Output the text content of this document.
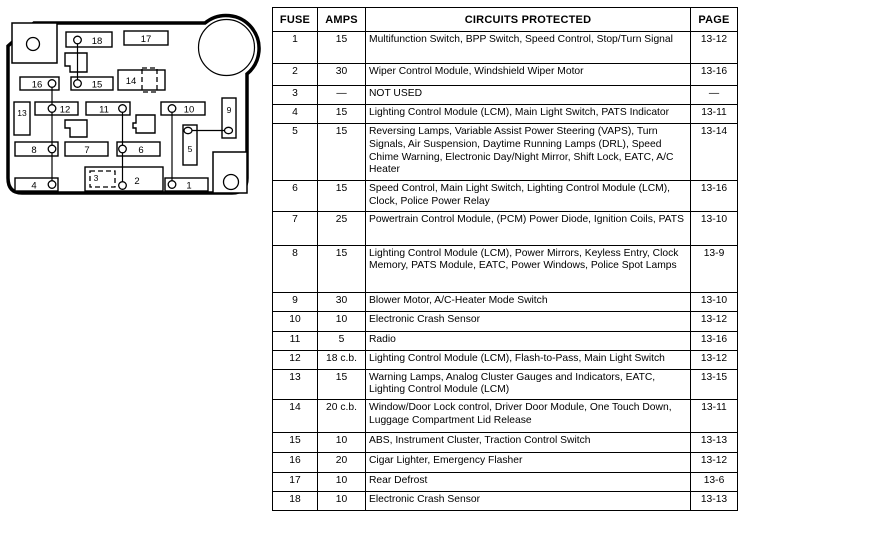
18	17
16	15 14
13	12	11	10	9
5
8	7	6
4
3	2	1
FUSE	AMPS	CIRCUITS PROTECTED	PAGE
1	15	Multifunction Switch, BPP Switch, Speed Control, Stop/Turn Signal	13-12
2	30	Wiper Control Module, Windshield Wiper Motor	13-16
3	—	NOT USED	—
4	15	Lighting Control Module (LCM), Main Light Switch, PATS Indicator	13-11
5	15	Reversing Lamps, Variable Assist Power Steering (VAPS), Turn Signals, Air Suspension, Daytime Running Lamps (DRL), Speed Chime Warning, Electronic Day/Night Mirror, Shift Lock, EATC, A/C Heater	13-14
6	15	Speed Control, Main Light Switch, Lighting Control Module (LCM), Clock, Police Power Relay	13-16
7	25	Powertrain Control Module, (PCM) Power Diode, Ignition Coils, PATS	13-10
8	15	Lighting Control Module (LCM), Power Mirrors, Keyless Entry, Clock Memory, PATS Module, EATC, Power Windows, Police Spot Lamps	13-9
9	30	Blower Motor, A/C-Heater Mode Switch	13-10
10	10	Electronic Crash Sensor	13-12
11	5	Radio	13-16
12	18 c.b.	Lighting Control Module (LCM), Flash-to-Pass, Main Light Switch	13-12
13	15	Warning Lamps, Analog Cluster Gauges and Indicators, EATC, Lighting Control Module (LCM)	13-15
14	20 c.b.	Window/Door Lock control, Driver Door Module, One Touch Down, Luggage Compartment Lid Release	13-11
15	10	ABS, Instrument Cluster, Traction Control Switch	13-13
16	20	Cigar Lighter, Emergency Flasher	13-12
17	10	Rear Defrost	13-6
18	10	Electronic Crash Sensor	13-13
